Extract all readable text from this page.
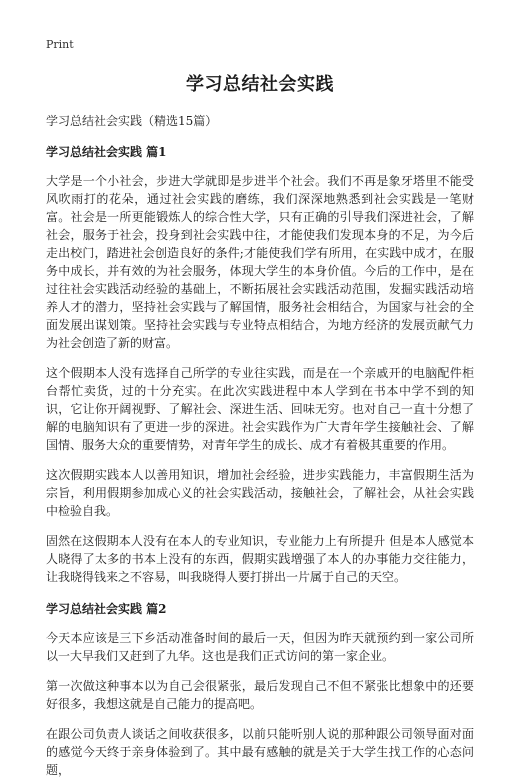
Print
学习总结社会实践
学习总结社会实践（精选15篇）
学习总结社会实践 篇1

大学是一个小社会，步进大学就即是步进半个社会。我们不再是象牙塔里不能受风吹雨打的花朵，通过社会实践的磨练，我们深深地熟悉到社会实践是一笔财富。社会是一所更能锻炼人的综合性大学，只有正确的引导我们深进社会，了解社会，服务于社会，投身到社会实践中往，才能使我们发现本身的不足，为今后走出校门，踏进社会创造良好的条件;才能使我们学有所用，在实践中成才，在服务中成长，并有效的为社会服务，体现大学生的本身价值。今后的工作中，是在过往社会实践活动经验的基础上，不断拓展社会实践活动范围，发掘实践活动培养人才的潜力，坚持社会实践与了解国情，服务社会相结合，为国家与社会的全面发展出谋划策。坚持社会实践与专业特点相结合，为地方经济的发展贡献气力为社会创造了新的财富。

这个假期本人没有选择自己所学的专业往实践，而是在一个亲戚开的电脑配件柜台帮忙卖货，过的十分充实。在此次实践进程中本人学到在书本中学不到的知识，它让你开阔视野、了解社会、深进生活、回味无穷。也对自己一直十分想了解的电脑知识有了更进一步的深进。社会实践作为广大青年学生接触社会、了解国情、服务大众的重要情势，对青年学生的成长、成才有着极其重要的作用。

这次假期实践本人以善用知识，增加社会经验，进步实践能力，丰富假期生活为宗旨，利用假期参加成心义的社会实践活动，接触社会，了解社会，从社会实践中检验自我。

固然在这假期本人没有在本人的专业知识，专业能力上有所提升 但是本人感觉本人晓得了太多的书本上没有的东西，假期实践增强了本人的办事能力交往能力，让我晓得钱来之不容易，叫我晓得人要打拼出一片属于自己的天空。

学习总结社会实践 篇2

今天本应该是三下乡活动准备时间的最后一天，但因为昨天就预约到一家公司所以一大早我们又赶到了九华。这也是我们正式访问的第一家企业。

第一次做这种事本以为自己会很紧张，最后发现自己不但不紧张比想象中的还要好很多，我想这就是自己能力的提高吧。

在跟公司负责人谈话之间收获很多，以前只能听别人说的那种跟公司领导面对面的感觉今天终于亲身体验到了。其中最有感触的就是关于大学生找工作的心态问题，
